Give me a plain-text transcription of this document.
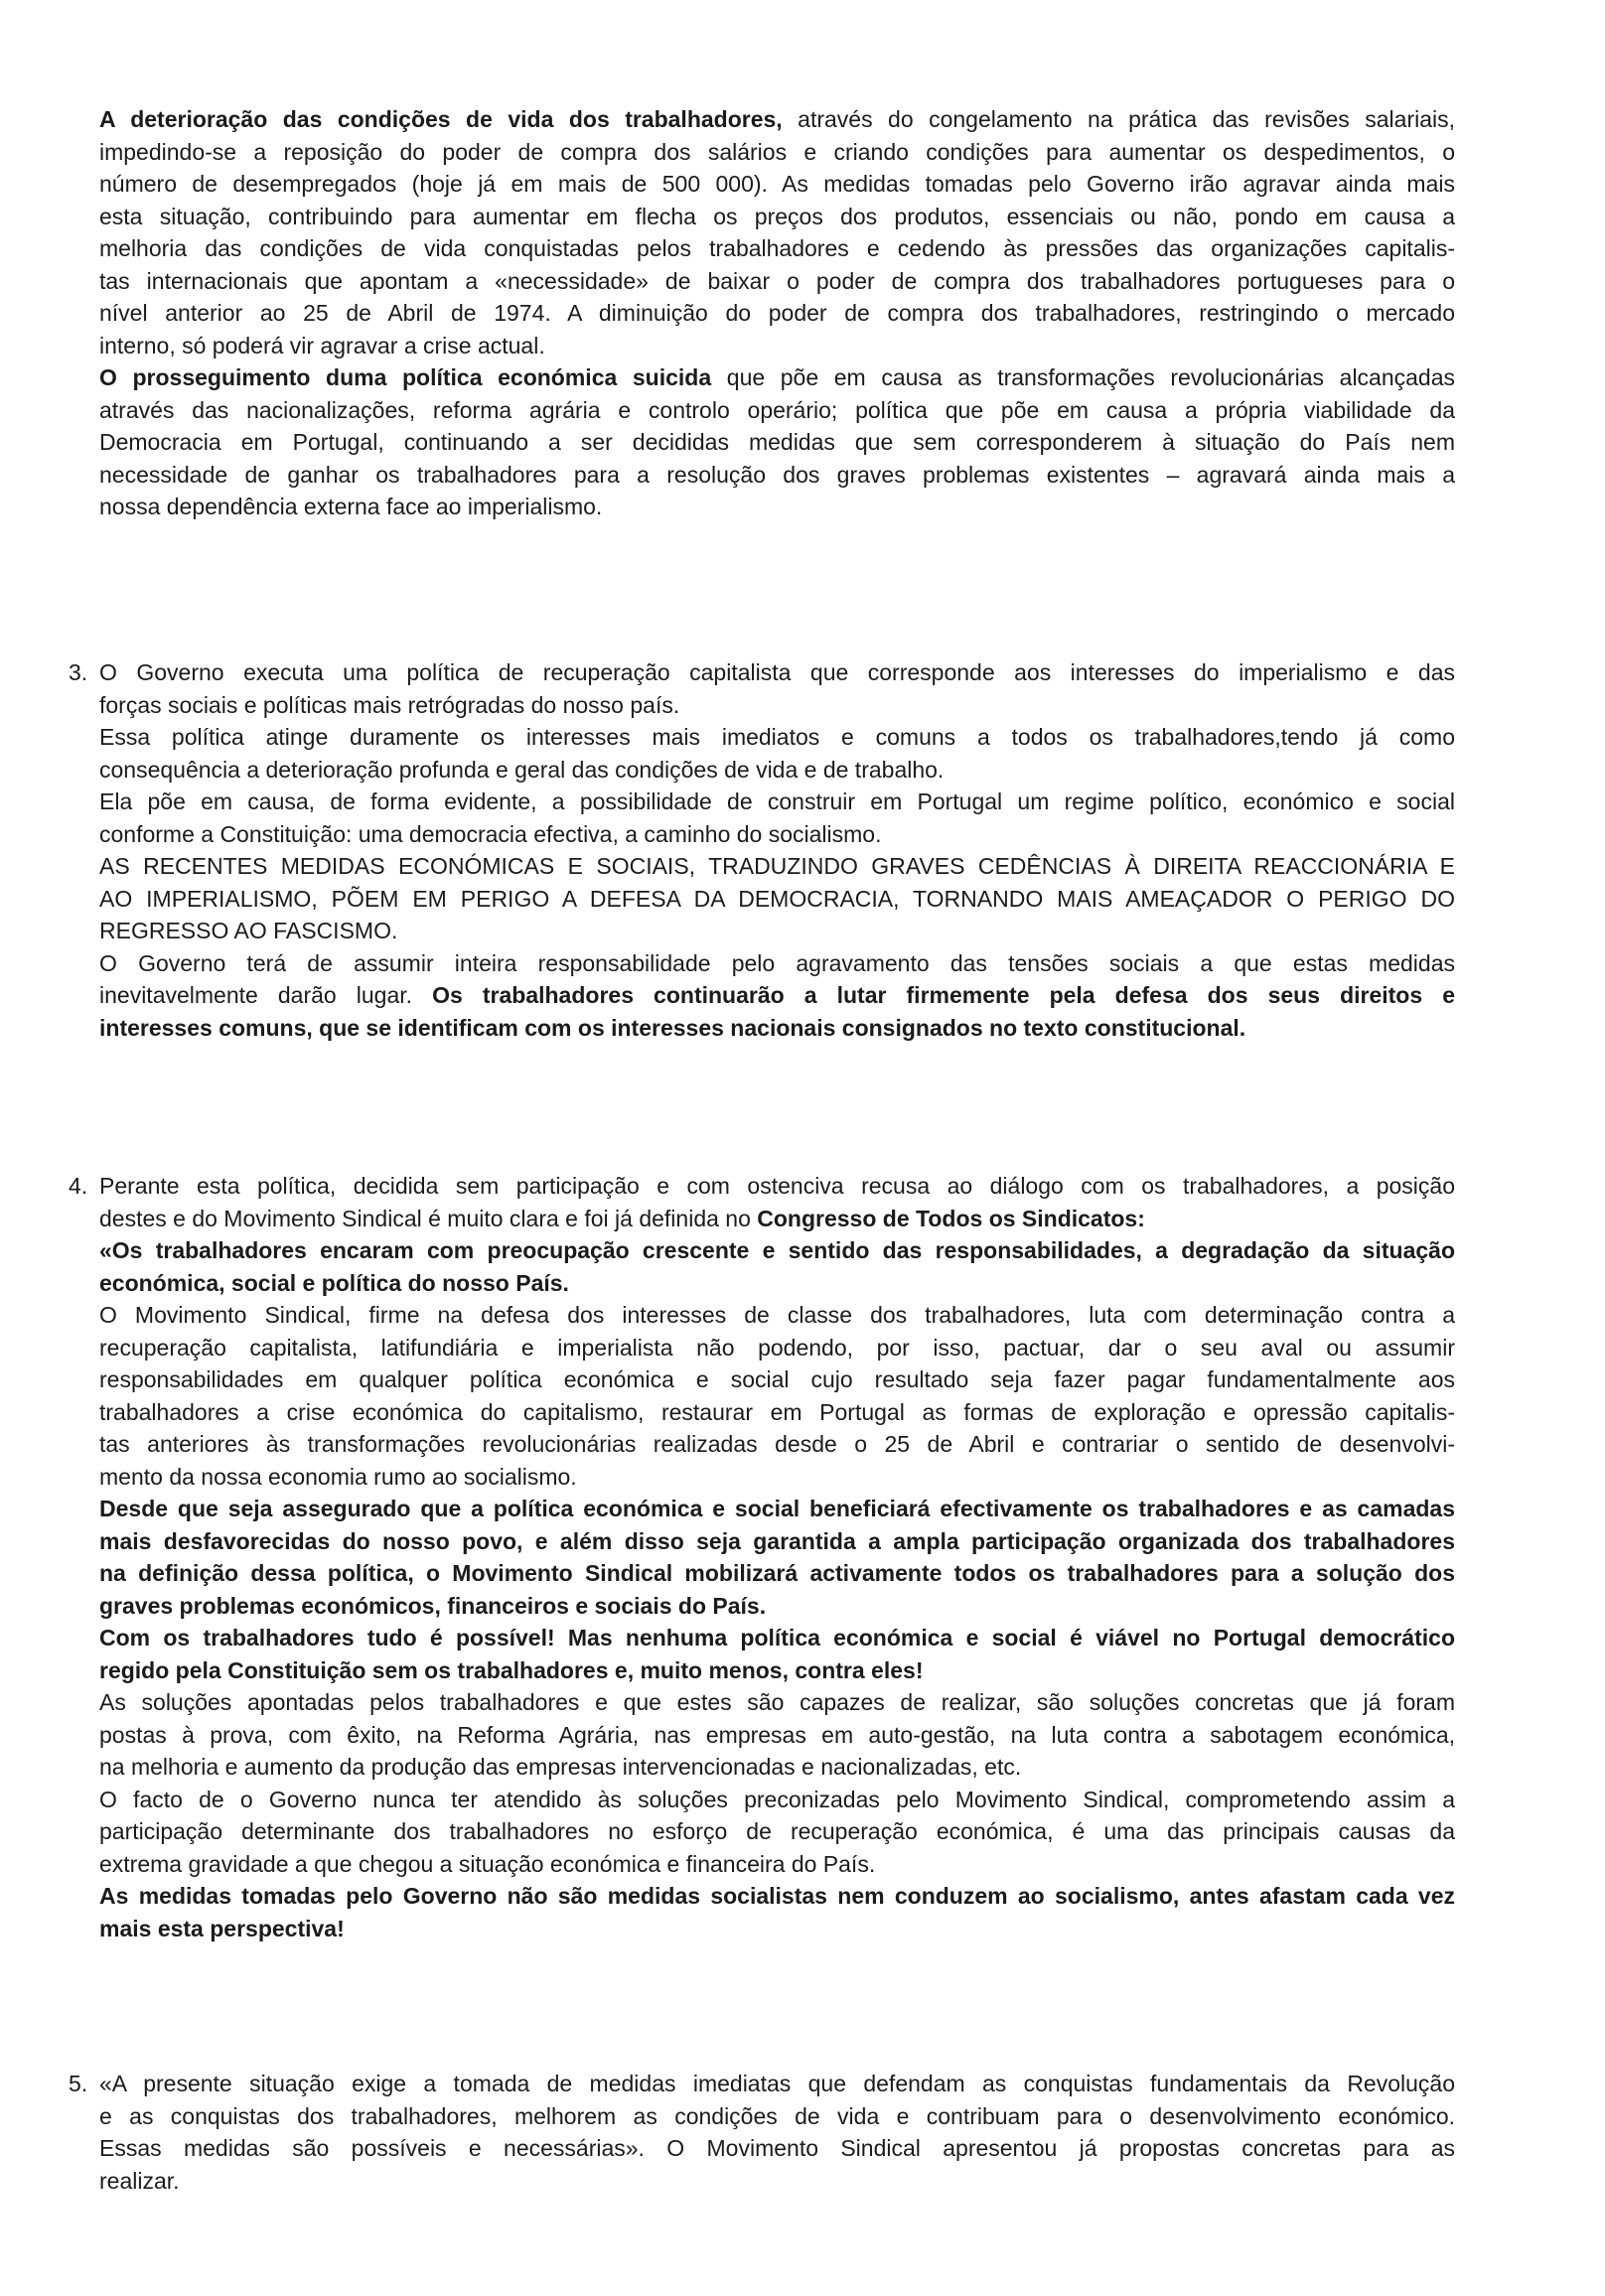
A deterioração das condições de vida dos trabalhadores, através do congelamento na prática das revisões salariais,
impedindo-se a reposição do poder de compra dos salários e criando condições para aumentar os despedimentos, o
número de desempregados (hoje já em mais de 500 000). As medidas tomadas pelo Governo irão agravar ainda mais
esta situação, contribuindo para aumentar em flecha os preços dos produtos, essenciais ou não, pondo em causa a
melhoria das condições de vida conquistadas pelos trabalhadores e cedendo às pressões das organizações capitalis-
tas internacionais que apontam a «necessidade» de baixar o poder de compra dos trabalhadores portugueses para o
nível anterior ao 25 de Abril de 1974. A diminuição do poder de compra dos trabalhadores, restringindo o mercado
interno, só poderá vir agravar a crise actual.
O prosseguimento duma política económica suicida que põe em causa as transformações revolucionárias alcançadas
através das nacionalizações, reforma agrária e controlo operário; política que põe em causa a própria viabilidade da
Democracia em Portugal, continuando a ser decididas medidas que sem corresponderem à situação do País nem
necessidade de ganhar os trabalhadores para a resolução dos graves problemas existentes – agravará ainda mais a
nossa dependência externa face ao imperialismo.
3. O Governo executa uma política de recuperação capitalista que corresponde aos interesses do imperialismo e das
forças sociais e políticas mais retrógradas do nosso país.
Essa política atinge duramente os interesses mais imediatos e comuns a todos os trabalhadores,tendo já como
consequência a deterioração profunda e geral das condições de vida e de trabalho.
Ela põe em causa, de forma evidente, a possibilidade de construir em Portugal um regime político, económico e social
conforme a Constituição: uma democracia efectiva, a caminho do socialismo.
AS RECENTES MEDIDAS ECONÓMICAS E SOCIAIS, TRADUZINDO GRAVES CEDÊNCIAS À DIREITA REACCIONÁRIA E
AO IMPERIALISMO, PÕEM EM PERIGO A DEFESA DA DEMOCRACIA, TORNANDO MAIS AMEAÇADOR O PERIGO DO
REGRESSO AO FASCISMO.
O Governo terá de assumir inteira responsabilidade pelo agravamento das tensões sociais a que estas medidas
inevitavelmente darão lugar. Os trabalhadores continuarão a lutar firmemente pela defesa dos seus direitos e
interesses comuns, que se identificam com os interesses nacionais consignados no texto constitucional.
4. Perante esta política, decidida sem participação e com ostenciva recusa ao diálogo com os trabalhadores, a posição
destes e do Movimento Sindical é muito clara e foi já definida no Congresso de Todos os Sindicatos:
«Os trabalhadores encaram com preocupação crescente e sentido das responsabilidades, a degradação da situação
económica, social e política do nosso País.
O Movimento Sindical, firme na defesa dos interesses de classe dos trabalhadores, luta com determinação contra a
recuperação capitalista, latifundiária e imperialista não podendo, por isso, pactuar, dar o seu aval ou assumir
responsabilidades em qualquer política económica e social cujo resultado seja fazer pagar fundamentalmente aos
trabalhadores a crise económica do capitalismo, restaurar em Portugal as formas de exploração e opressão capitalis-
tas anteriores às transformações revolucionárias realizadas desde o 25 de Abril e contrariar o sentido de desenvolvi-
mento da nossa economia rumo ao socialismo.
Desde que seja assegurado que a política económica e social beneficiará efectivamente os trabalhadores e as camadas
mais desfavorecidas do nosso povo, e além disso seja garantida a ampla participação organizada dos trabalhadores
na definição dessa política, o Movimento Sindical mobilizará activamente todos os trabalhadores para a solução dos
graves problemas económicos, financeiros e sociais do País.
Com os trabalhadores tudo é possível! Mas nenhuma política económica e social é viável no Portugal democrático
regido pela Constituição sem os trabalhadores e, muito menos, contra eles!
As soluções apontadas pelos trabalhadores e que estes são capazes de realizar, são soluções concretas que já foram
postas à prova, com êxito, na Reforma Agrária, nas empresas em auto-gestão, na luta contra a sabotagem económica,
na melhoria e aumento da produção das empresas intervencionadas e nacionalizadas, etc.
O facto de o Governo nunca ter atendido às soluções preconizadas pelo Movimento Sindical, comprometendo assim a
participação determinante dos trabalhadores no esforço de recuperação económica, é uma das principais causas da
extrema gravidade a que chegou a situação económica e financeira do País.
As medidas tomadas pelo Governo não são medidas socialistas nem conduzem ao socialismo, antes afastam cada vez
mais esta perspectiva!
5. «A presente situação exige a tomada de medidas imediatas que defendam as conquistas fundamentais da Revolução
e as conquistas dos trabalhadores, melhorem as condições de vida e contribuam para o desenvolvimento económico.
Essas medidas são possíveis e necessárias». O Movimento Sindical apresentou já propostas concretas para as
realizar.
